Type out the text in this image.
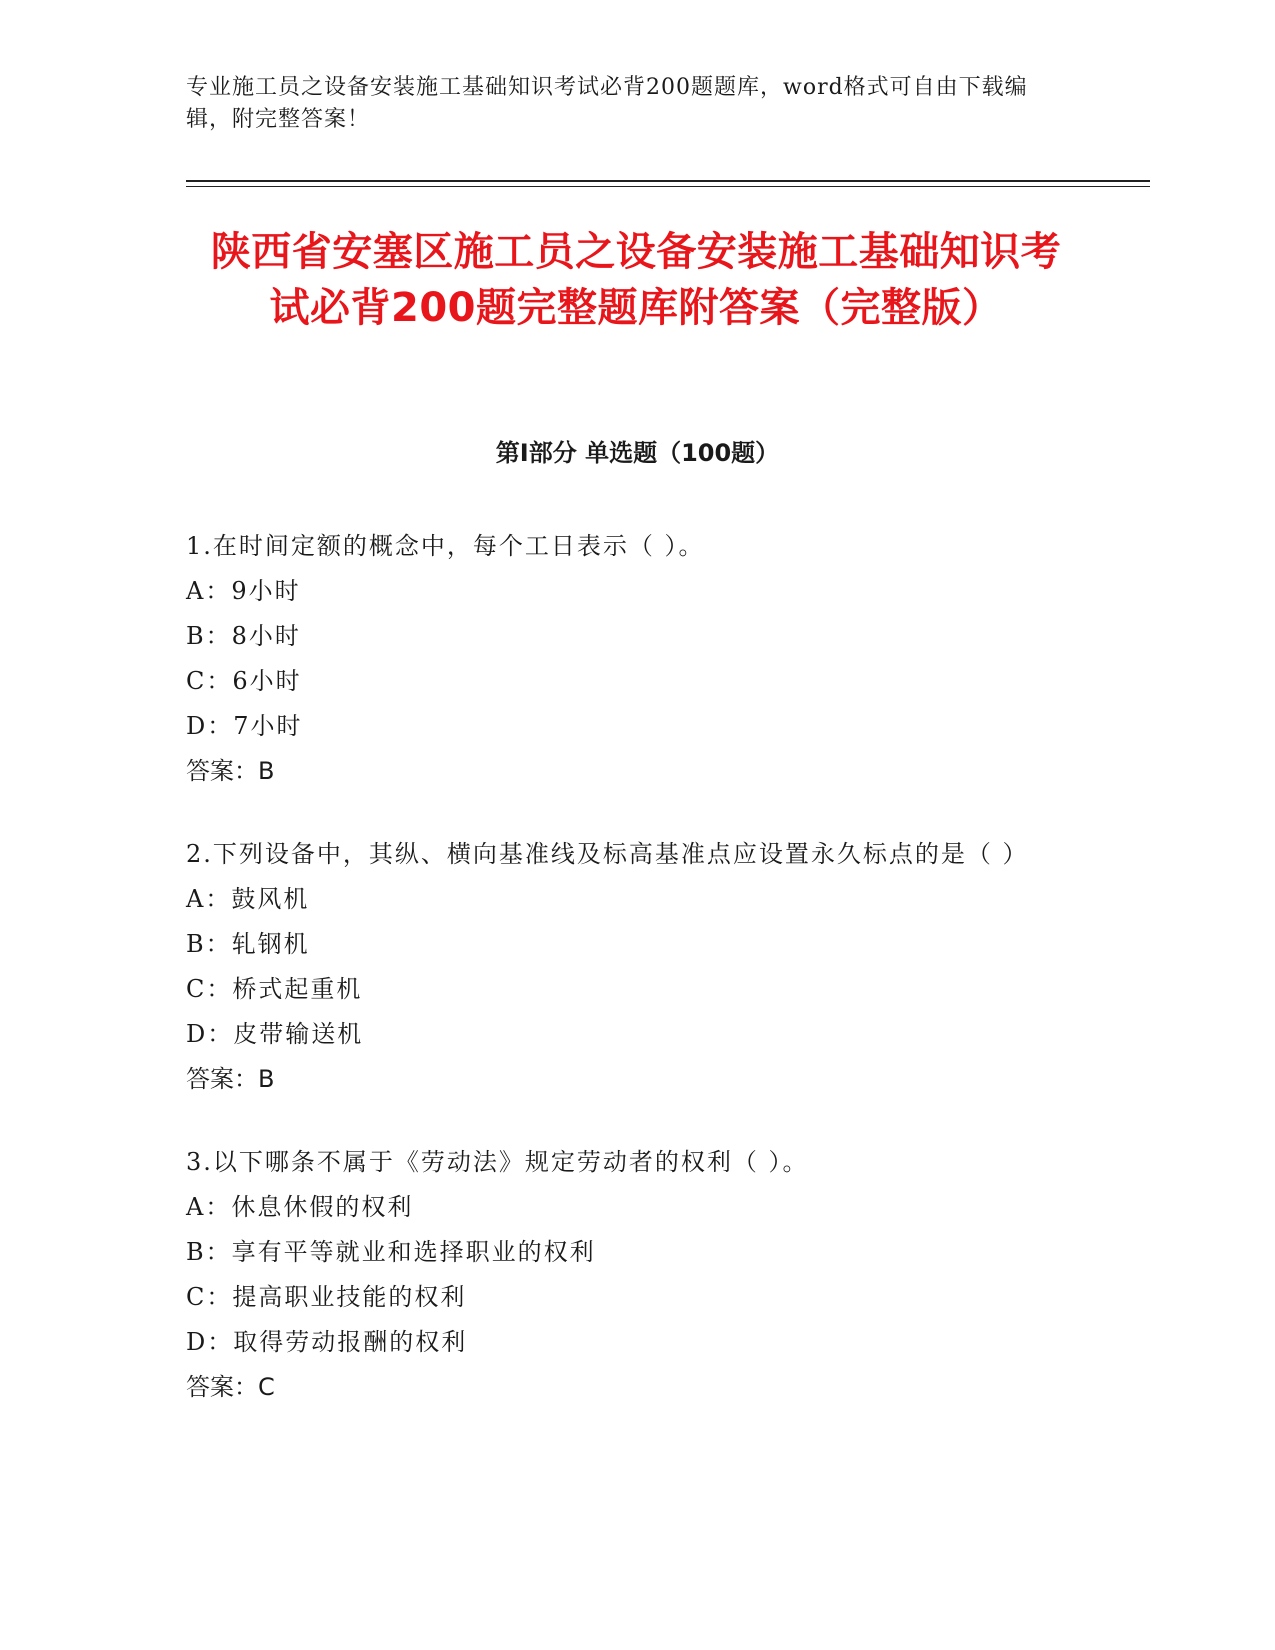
专业施工员之设备安装施工基础知识考试必背200题题库，word格式可自由下载编辑，附完整答案！
陕西省安塞区施工员之设备安装施工基础知识考试必背200题完整题库附答案（完整版）
第I部分 单选题（100题）

1.在时间定额的概念中，每个工日表示（ ）。

A：9小时

B：8小时

C：6小时

D：7小时

答案：B

2.下列设备中，其纵、横向基准线及标高基准点应设置永久标点的是（ ）

A：鼓风机

B：轧钢机

C：桥式起重机

D：皮带输送机

答案：B

3.以下哪条不属于《劳动法》规定劳动者的权利（ ）。

A：休息休假的权利

B：享有平等就业和选择职业的权利

C：提高职业技能的权利

D：取得劳动报酬的权利

答案：C
